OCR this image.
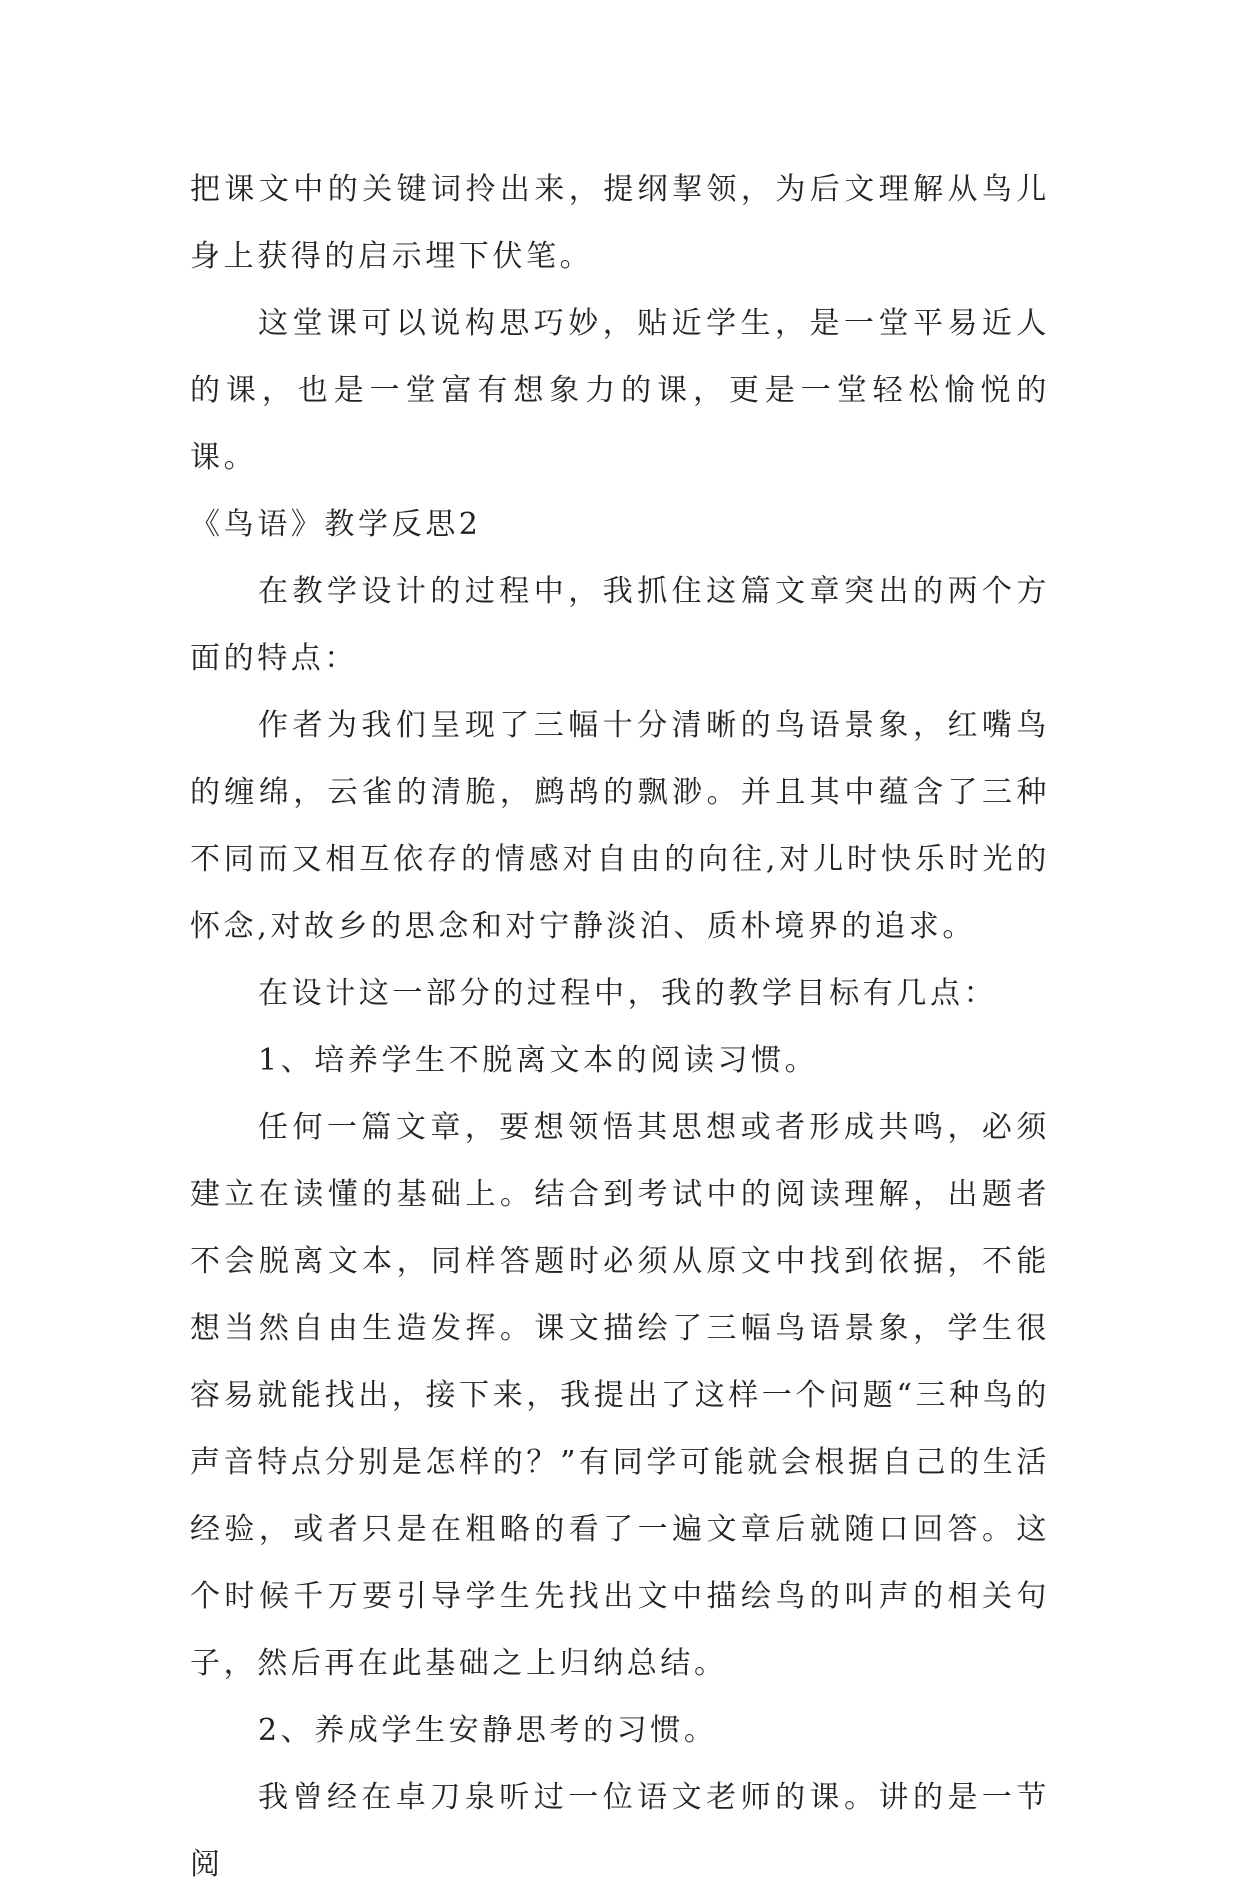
把课文中的关键词拎出来，提纲挈领，为后文理解从鸟儿身上获得的启示埋下伏笔。

这堂课可以说构思巧妙，贴近学生，是一堂平易近人的课，也是一堂富有想象力的课，更是一堂轻松愉悦的课。

《鸟语》教学反思2

在教学设计的过程中，我抓住这篇文章突出的两个方面的特点：

作者为我们呈现了三幅十分清晰的鸟语景象，红嘴鸟的缠绵，云雀的清脆，鹧鸪的飘渺。并且其中蕴含了三种不同而又相互依存的情感对自由的向往,对儿时快乐时光的怀念,对故乡的思念和对宁静淡泊、质朴境界的追求。

在设计这一部分的过程中，我的教学目标有几点：

1、培养学生不脱离文本的阅读习惯。

任何一篇文章，要想领悟其思想或者形成共鸣，必须建立在读懂的基础上。结合到考试中的阅读理解，出题者不会脱离文本，同样答题时必须从原文中找到依据，不能想当然自由生造发挥。课文描绘了三幅鸟语景象，学生很容易就能找出，接下来，我提出了这样一个问题“三种鸟的声音特点分别是怎样的？”有同学可能就会根据自己的生活经验，或者只是在粗略的看了一遍文章后就随口回答。这个时候千万要引导学生先找出文中描绘鸟的叫声的相关句子，然后再在此基础之上归纳总结。

2、养成学生安静思考的习惯。

我曾经在卓刀泉听过一位语文老师的课。讲的是一节阅
